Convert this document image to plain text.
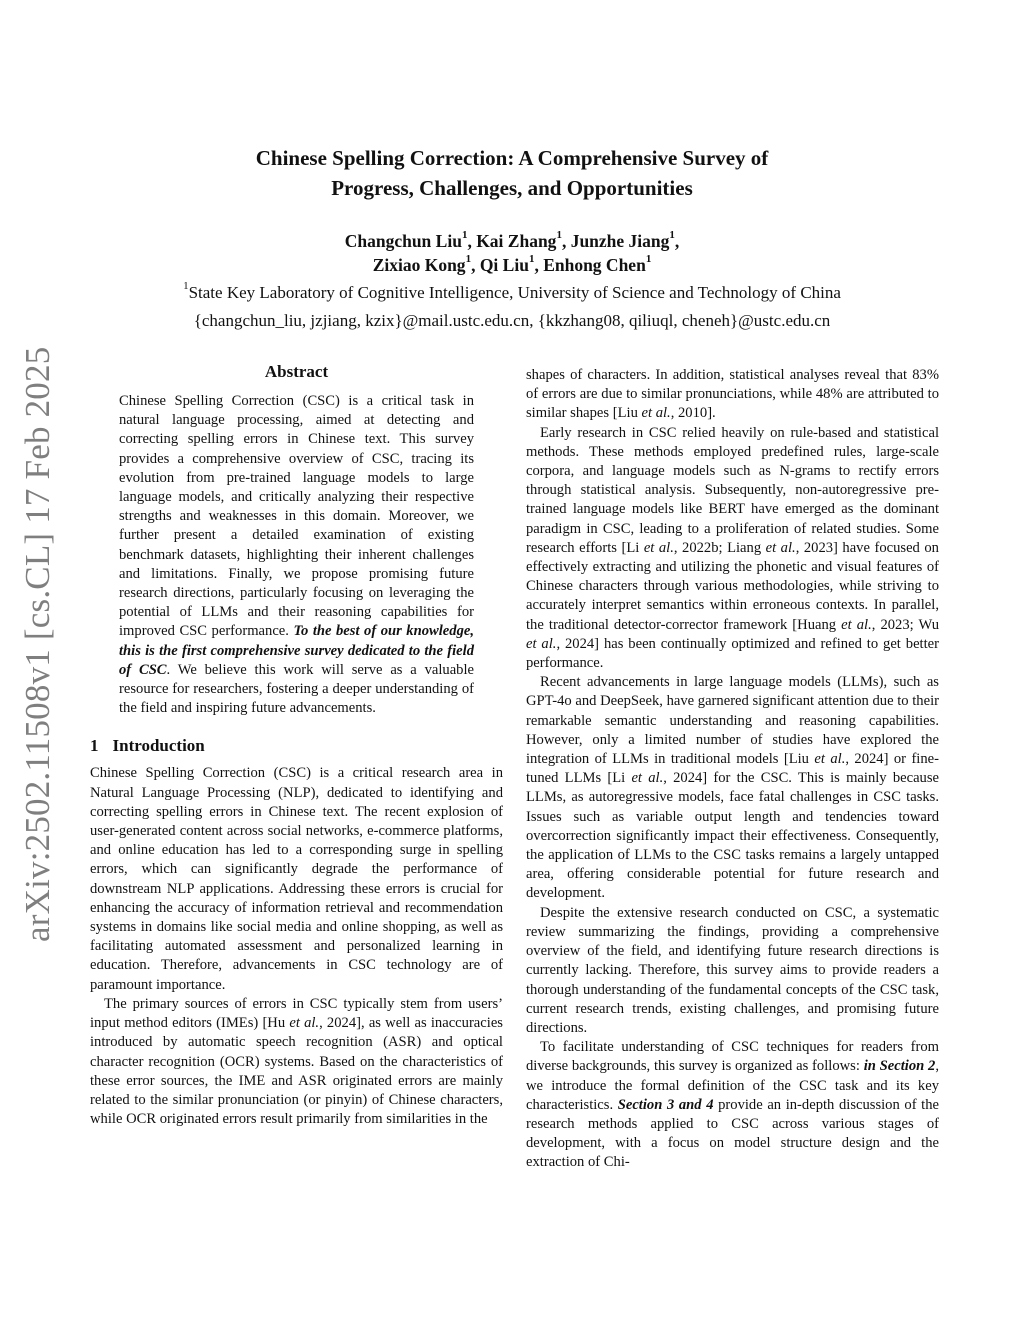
arXiv:2502.11508v1 [cs.CL] 17 Feb 2025
Chinese Spelling Correction: A Comprehensive Survey of
Progress, Challenges, and Opportunities
Changchun Liu$^1$, Kai Zhang$^1$, Junzhe Jiang$^1$,
Zixiao Kong$^1$, Qi Liu$^1$, Enhong Chen$^1$
$^1$State Key Laboratory of Cognitive Intelligence, University of Science and Technology of China
{changchun_liu, jzjiang, kzix}@mail.ustc.edu.cn, {kkzhang08, qiliuql, cheneh}@ustc.edu.cn
Abstract

Chinese Spelling Correction (CSC) is a critical task in natural language processing, aimed at detecting and correcting spelling errors in Chinese text. This survey provides a comprehensive overview of CSC, tracing its evolution from pre-trained language models to large language models, and critically analyzing their respective strengths and weaknesses in this domain. Moreover, we further present a detailed examination of existing benchmark datasets, highlighting their inherent challenges and limitations. Finally, we propose promising future research directions, particularly focusing on leveraging the potential of LLMs and their reasoning capabilities for improved CSC performance. To the best of our knowledge, this is the first comprehensive survey dedicated to the field of CSC. We believe this work will serve as a valuable resource for researchers, fostering a deeper understanding of the field and inspiring future advancements.

1 Introduction

Chinese Spelling Correction (CSC) is a critical research area in Natural Language Processing (NLP), dedicated to identifying and correcting spelling errors in Chinese text. The recent explosion of user-generated content across social networks, e-commerce platforms, and online education has led to a corresponding surge in spelling errors, which can significantly degrade the performance of downstream NLP applications. Addressing these errors is crucial for enhancing the accuracy of information retrieval and recommendation systems in domains like social media and online shopping, as well as facilitating automated assessment and personalized learning in education. Therefore, advancements in CSC technology are of paramount importance.

The primary sources of errors in CSC typically stem from users’ input method editors (IMEs) [Hu et al., 2024], as well as inaccuracies introduced by automatic speech recognition (ASR) and optical character recognition (OCR) systems. Based on the characteristics of these error sources, the IME and ASR originated errors are mainly related to the similar pronunciation (or pinyin) of Chinese characters, while OCR originated errors result primarily from similarities in the

shapes of characters. In addition, statistical analyses reveal that 83% of errors are due to similar pronunciations, while 48% are attributed to similar shapes [Liu et al., 2010].

Early research in CSC relied heavily on rule-based and statistical methods. These methods employed predefined rules, large-scale corpora, and language models such as N-grams to rectify errors through statistical analysis. Subsequently, non-autoregressive pre-trained language models like BERT have emerged as the dominant paradigm in CSC, leading to a proliferation of related studies. Some research efforts [Li et al., 2022b; Liang et al., 2023] have focused on effectively extracting and utilizing the phonetic and visual features of Chinese characters through various methodologies, while striving to accurately interpret semantics within erroneous contexts. In parallel, the traditional detector-corrector framework [Huang et al., 2023; Wu et al., 2024] has been continually optimized and refined to get better performance.

Recent advancements in large language models (LLMs), such as GPT-4o and DeepSeek, have garnered significant attention due to their remarkable semantic understanding and reasoning capabilities. However, only a limited number of studies have explored the integration of LLMs in traditional models [Liu et al., 2024] or fine-tuned LLMs [Li et al., 2024] for the CSC. This is mainly because LLMs, as autoregressive models, face fatal challenges in CSC tasks. Issues such as variable output length and tendencies toward overcorrection significantly impact their effectiveness. Consequently, the application of LLMs to the CSC tasks remains a largely untapped area, offering considerable potential for future research and development.

Despite the extensive research conducted on CSC, a systematic review summarizing the findings, providing a comprehensive overview of the field, and identifying future research directions is currently lacking. Therefore, this survey aims to provide readers a thorough understanding of the fundamental concepts of the CSC task, current research trends, existing challenges, and promising future directions.

To facilitate understanding of CSC techniques for readers from diverse backgrounds, this survey is organized as follows: in Section 2, we introduce the formal definition of the CSC task and its key characteristics. Section 3 and 4 provide an in-depth discussion of the research methods applied to CSC across various stages of development, with a focus on model structure design and the extraction of Chi-
